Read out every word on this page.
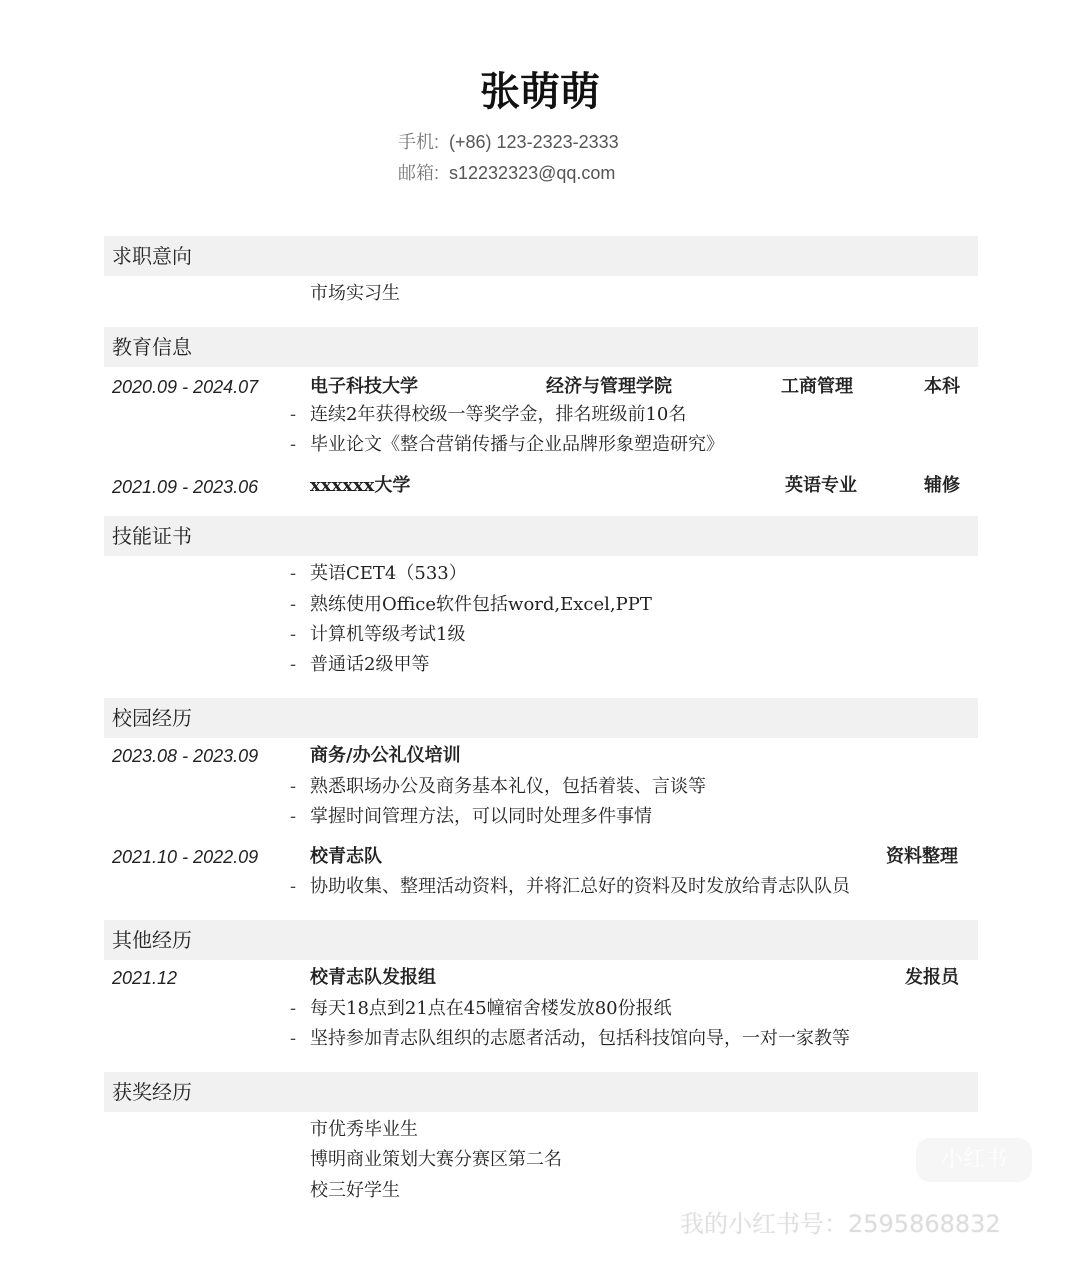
张萌萌
手机: (+86) 123-2323-2333
邮箱: s12232323@qq.com
求职意向
市场实习生
教育信息
2020.09 - 2024.07	电子科技大学	经济与管理学院	工商管理	本科
- 连续2年获得校级一等奖学金，排名班级前10名
- 毕业论文《整合营销传播与企业品牌形象塑造研究》
2021.09 - 2023.06	xxxxxx大学	英语专业	辅修
技能证书
- 英语CET4（533）
- 熟练使用Office软件包括word,Excel,PPT
- 计算机等级考试1级
- 普通话2级甲等
校园经历
2023.08 - 2023.09	商务/办公礼仪培训
- 熟悉职场办公及商务基本礼仪，包括着装、言谈等
- 掌握时间管理方法，可以同时处理多件事情
2021.10 - 2022.09	校青志队	资料整理
- 协助收集、整理活动资料，并将汇总好的资料及时发放给青志队队员
其他经历
2021.12	校青志队发报组	发报员
- 每天18点到21点在45幢宿舍楼发放80份报纸
- 坚持参加青志队组织的志愿者活动，包括科技馆向导，一对一家教等
获奖经历
市优秀毕业生
博明商业策划大赛分赛区第二名
校三好学生
小红书
我的小红书号：2595868832
